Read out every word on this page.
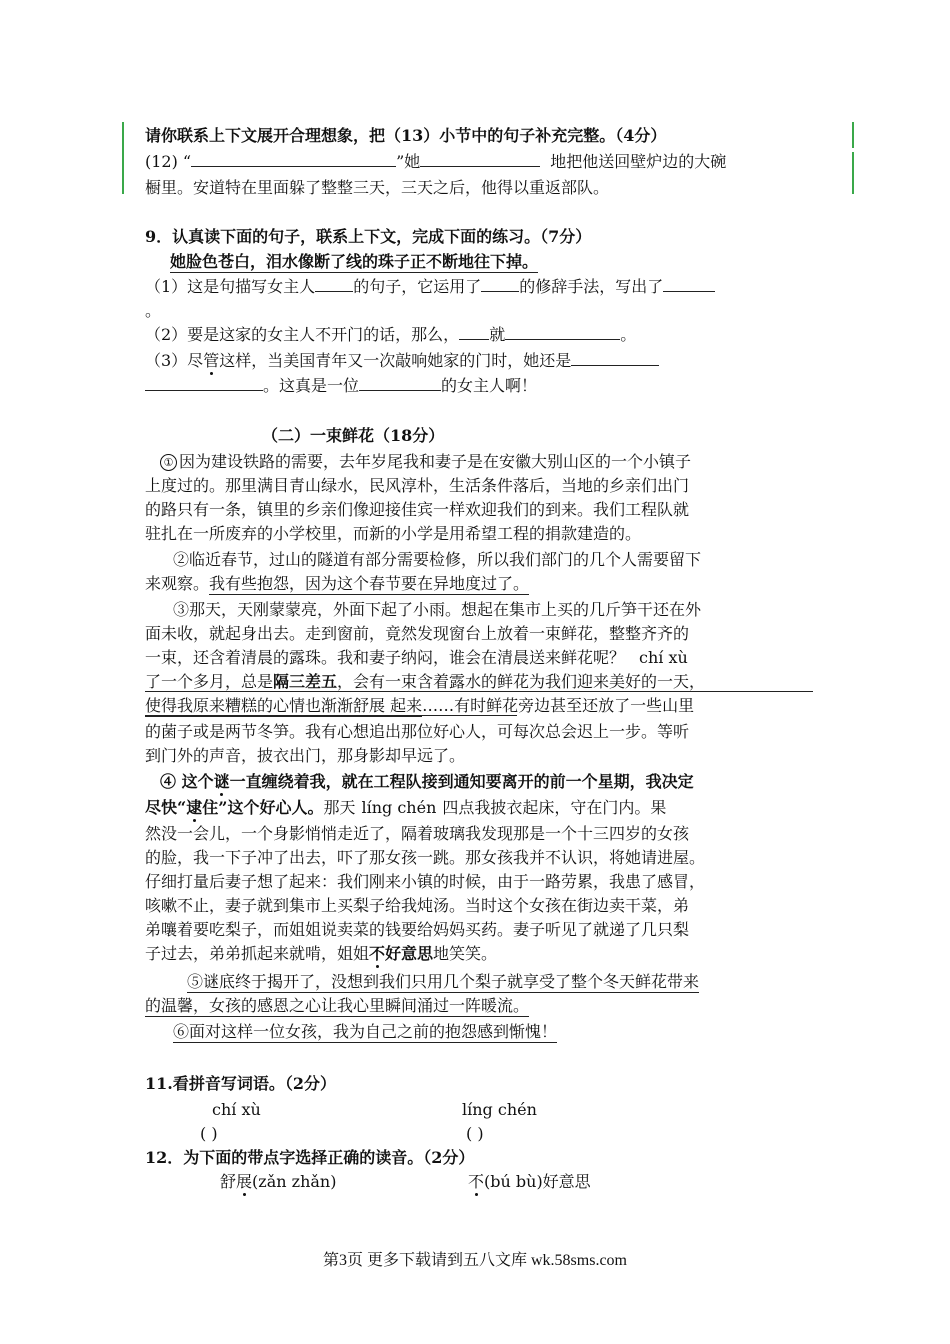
请你联系上下文展开合理想象，把（13）小节中的句子补充完整。（4分）
(12) “	”她	地把他送回壁炉边的大碗
橱里。安道特在里面躲了整整三天，三天之后，他得以重返部队。
9．认真读下面的句子，联系上下文，完成下面的练习。（7分）
她脸色苍白，泪水像断了线的珠子正不断地往下掉。
（1）这是句描写女主人 的句子，它运用了 的修辞手法，写出了
。
（2）要是这家的女主人不开门的话，那么， 就	。
（3）尽管这样，当美国青年又一次敲响她家的门时，她还是
。这真是一位	的女主人啊！
（二）一束鲜花（18分）
① 因为建设铁路的需要，去年岁尾我和妻子是在安徽大别山区的一个小镇子
上度过的。那里满目青山绿水，民风淳朴，生活条件落后，当地的乡亲们出门
的路只有一条，镇里的乡亲们像迎接佳宾一样欢迎我们的到来。我们工程队就
驻扎在一所废弃的小学校里，而新的小学是用希望工程的捐款建造的。
②临近春节，过山的隧道有部分需要检修，所以我们部门的几个人需要留下
来观察。我有些抱怨，因为这个春节要在异地度过了。
③那天，天刚蒙蒙亮，外面下起了小雨。想起在集市上买的几斤笋干还在外
面未收，就起身出去。走到窗前，竟然发现窗台上放着一束鲜花，整整齐齐的
一束，还含着清晨的露珠。我和妻子纳闷，谁会在清晨送来鲜花呢？ chí xù
了一个多月，总是隔三差五，会有一束含着露水的鲜花为我们迎来美好的一天，
使得我原来糟糕的心情也渐渐舒展 起来……有时鲜花旁边甚至还放了一些山里
的菌子或是两节冬笋。我有心想追出那位好心人，可每次总会迟上一步。等听
到门外的声音，披衣出门，那身影却早远了。
④ 这个谜一直缠绕着我，就在工程队接到通知要离开的前一个星期，我决定
尽快“逮住”这个好心人。那天 líng chén 四点我披衣起床，守在门内。果
然没一会儿，一个身影悄悄走近了，隔着玻璃我发现那是一个十三四岁的女孩
的脸，我一下子冲了出去，吓了那女孩一跳。那女孩我并不认识，将她请进屋。
仔细打量后妻子想了起来：我们刚来小镇的时候，由于一路劳累，我患了感冒，
咳嗽不止，妻子就到集市上买梨子给我炖汤。当时这个女孩在街边卖干菜，弟
弟嚷着要吃梨子，而姐姐说卖菜的钱要给妈妈买药。妻子听见了就递了几只梨
子过去，弟弟抓起来就啃，姐姐不好意思地笑笑。
⑤谜底终于揭开了，没想到我们只用几个梨子就享受了整个冬天鲜花带来
的温馨，女孩的感恩之心让我心里瞬间涌过一阵暖流。
⑥面对这样一位女孩，我为自己之前的抱怨感到惭愧！
11.看拼音写词语。（2分）
chí xù	líng chén
( )	( )
12．为下面的带点字选择正确的读音。（2分）
舒展(zǎn zhǎn)	不(bú bù)好意思
第3页 更多下载请到五八文库 wk.58sms.com
